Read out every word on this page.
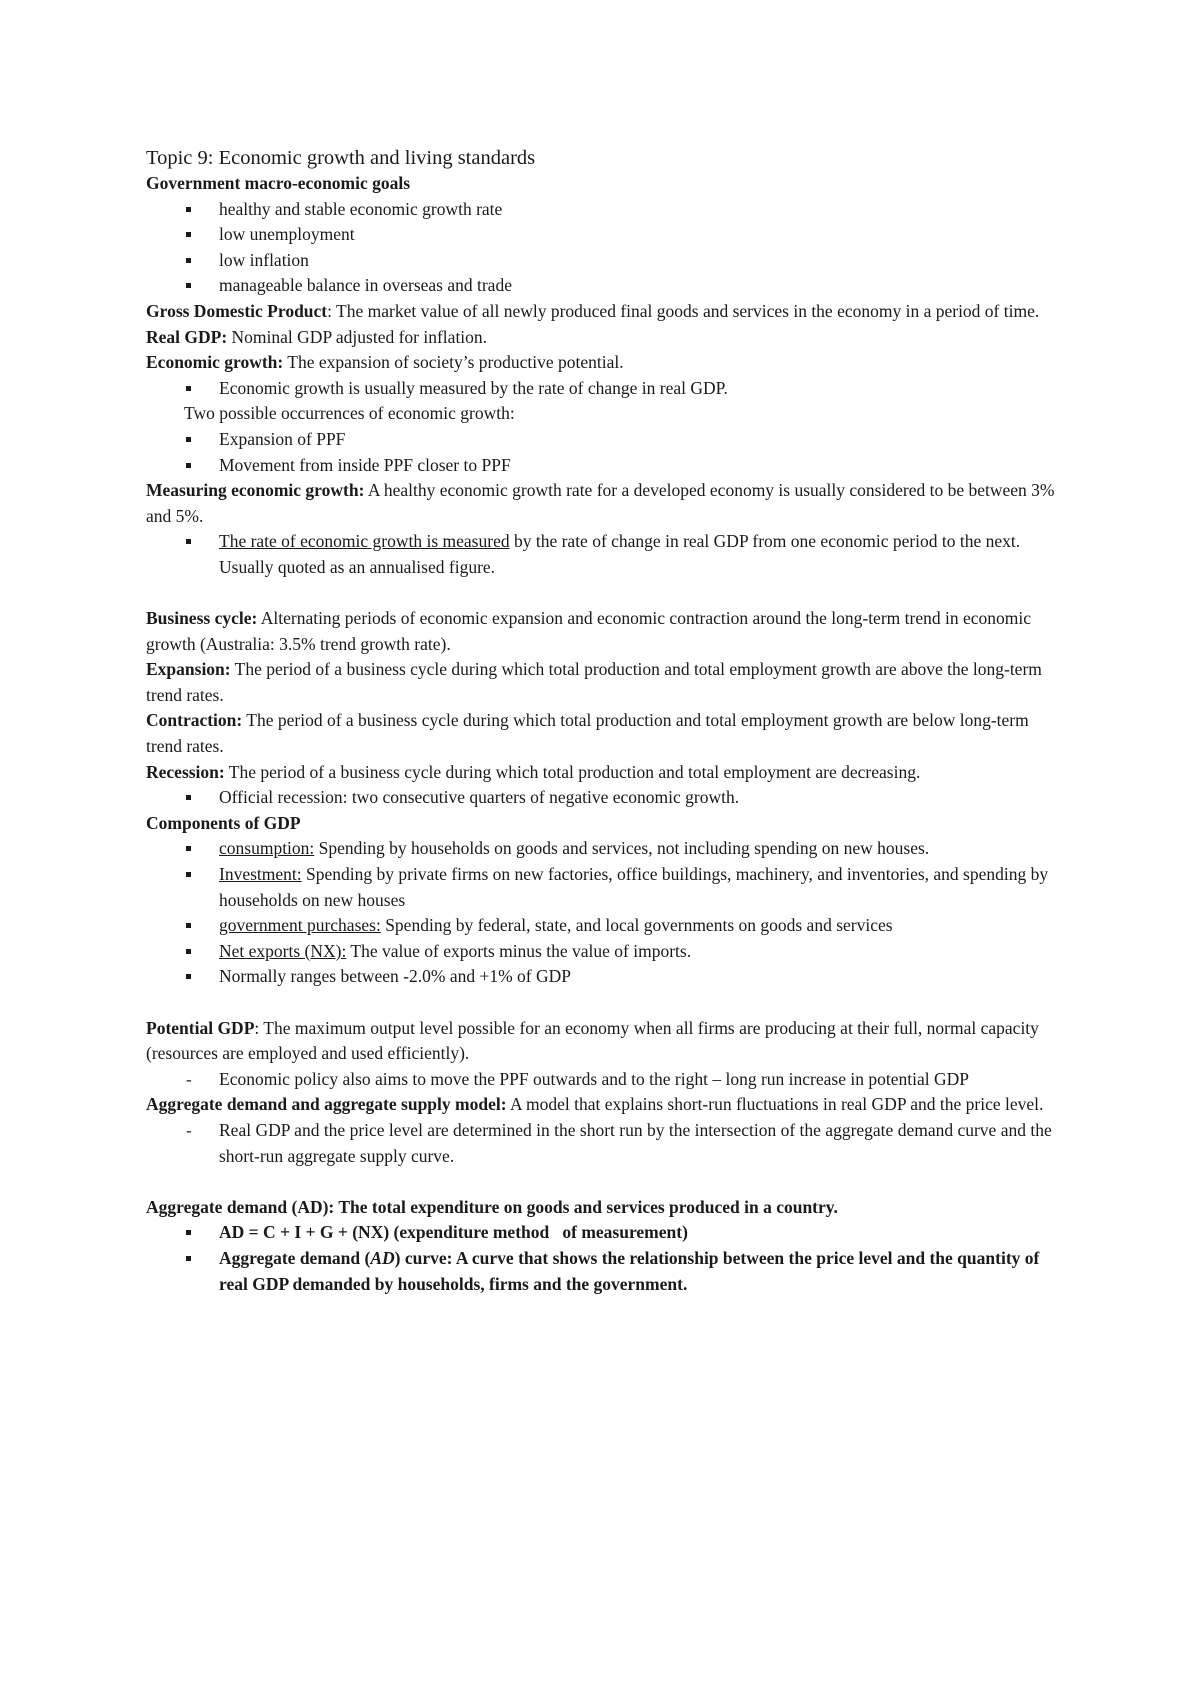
Topic 9: Economic growth and living standards

Government macro-economic goals

healthy and stable economic growth rate
low unemployment
low inflation
manageable balance in overseas and trade

Gross Domestic Product: The market value of all newly produced final goods and services in the economy in a period of time.

Real GDP: Nominal GDP adjusted for inflation.

Economic growth: The expansion of society’s productive potential.

Economic growth is usually measured by the rate of change in real GDP.

Two possible occurrences of economic growth:

Expansion of PPF
Movement from inside PPF closer to PPF

Measuring economic growth: A healthy economic growth rate for a developed economy is usually considered to be between 3% and 5%.

The rate of economic growth is measured by the rate of change in real GDP from one economic period to the next. Usually quoted as an annualised figure.

Business cycle: Alternating periods of economic expansion and economic contraction around the long-term trend in economic growth (Australia: 3.5% trend growth rate).

Expansion: The period of a business cycle during which total production and total employment growth are above the long-term trend rates.

Contraction: The period of a business cycle during which total production and total employment growth are below long-term trend rates.

Recession: The period of a business cycle during which total production and total employment are decreasing.

Official recession: two consecutive quarters of negative economic growth.

Components of GDP

consumption: Spending by households on goods and services, not including spending on new houses.
Investment: Spending by private firms on new factories, office buildings, machinery, and inventories, and spending by households on new houses
government purchases: Spending by federal, state, and local governments on goods and services
Net exports (NX): The value of exports minus the value of imports.
Normally ranges between -2.0% and +1% of GDP

Potential GDP: The maximum output level possible for an economy when all firms are producing at their full, normal capacity (resources are employed and used efficiently).

-	Economic policy also aims to move the PPF outwards and to the right – long run increase in potential GDP

Aggregate demand and aggregate supply model: A model that explains short-run fluctuations in real GDP and the price level.

-	Real GDP and the price level are determined in the short run by the intersection of the aggregate demand curve and the short-run aggregate supply curve.

Aggregate demand (AD): The total expenditure on goods and services produced in a country.

AD = C + I + G + (NX) (expenditure method   of measurement)
Aggregate demand (AD) curve: A curve that shows the relationship between the price level and the quantity of real GDP demanded by households, firms and the government.
